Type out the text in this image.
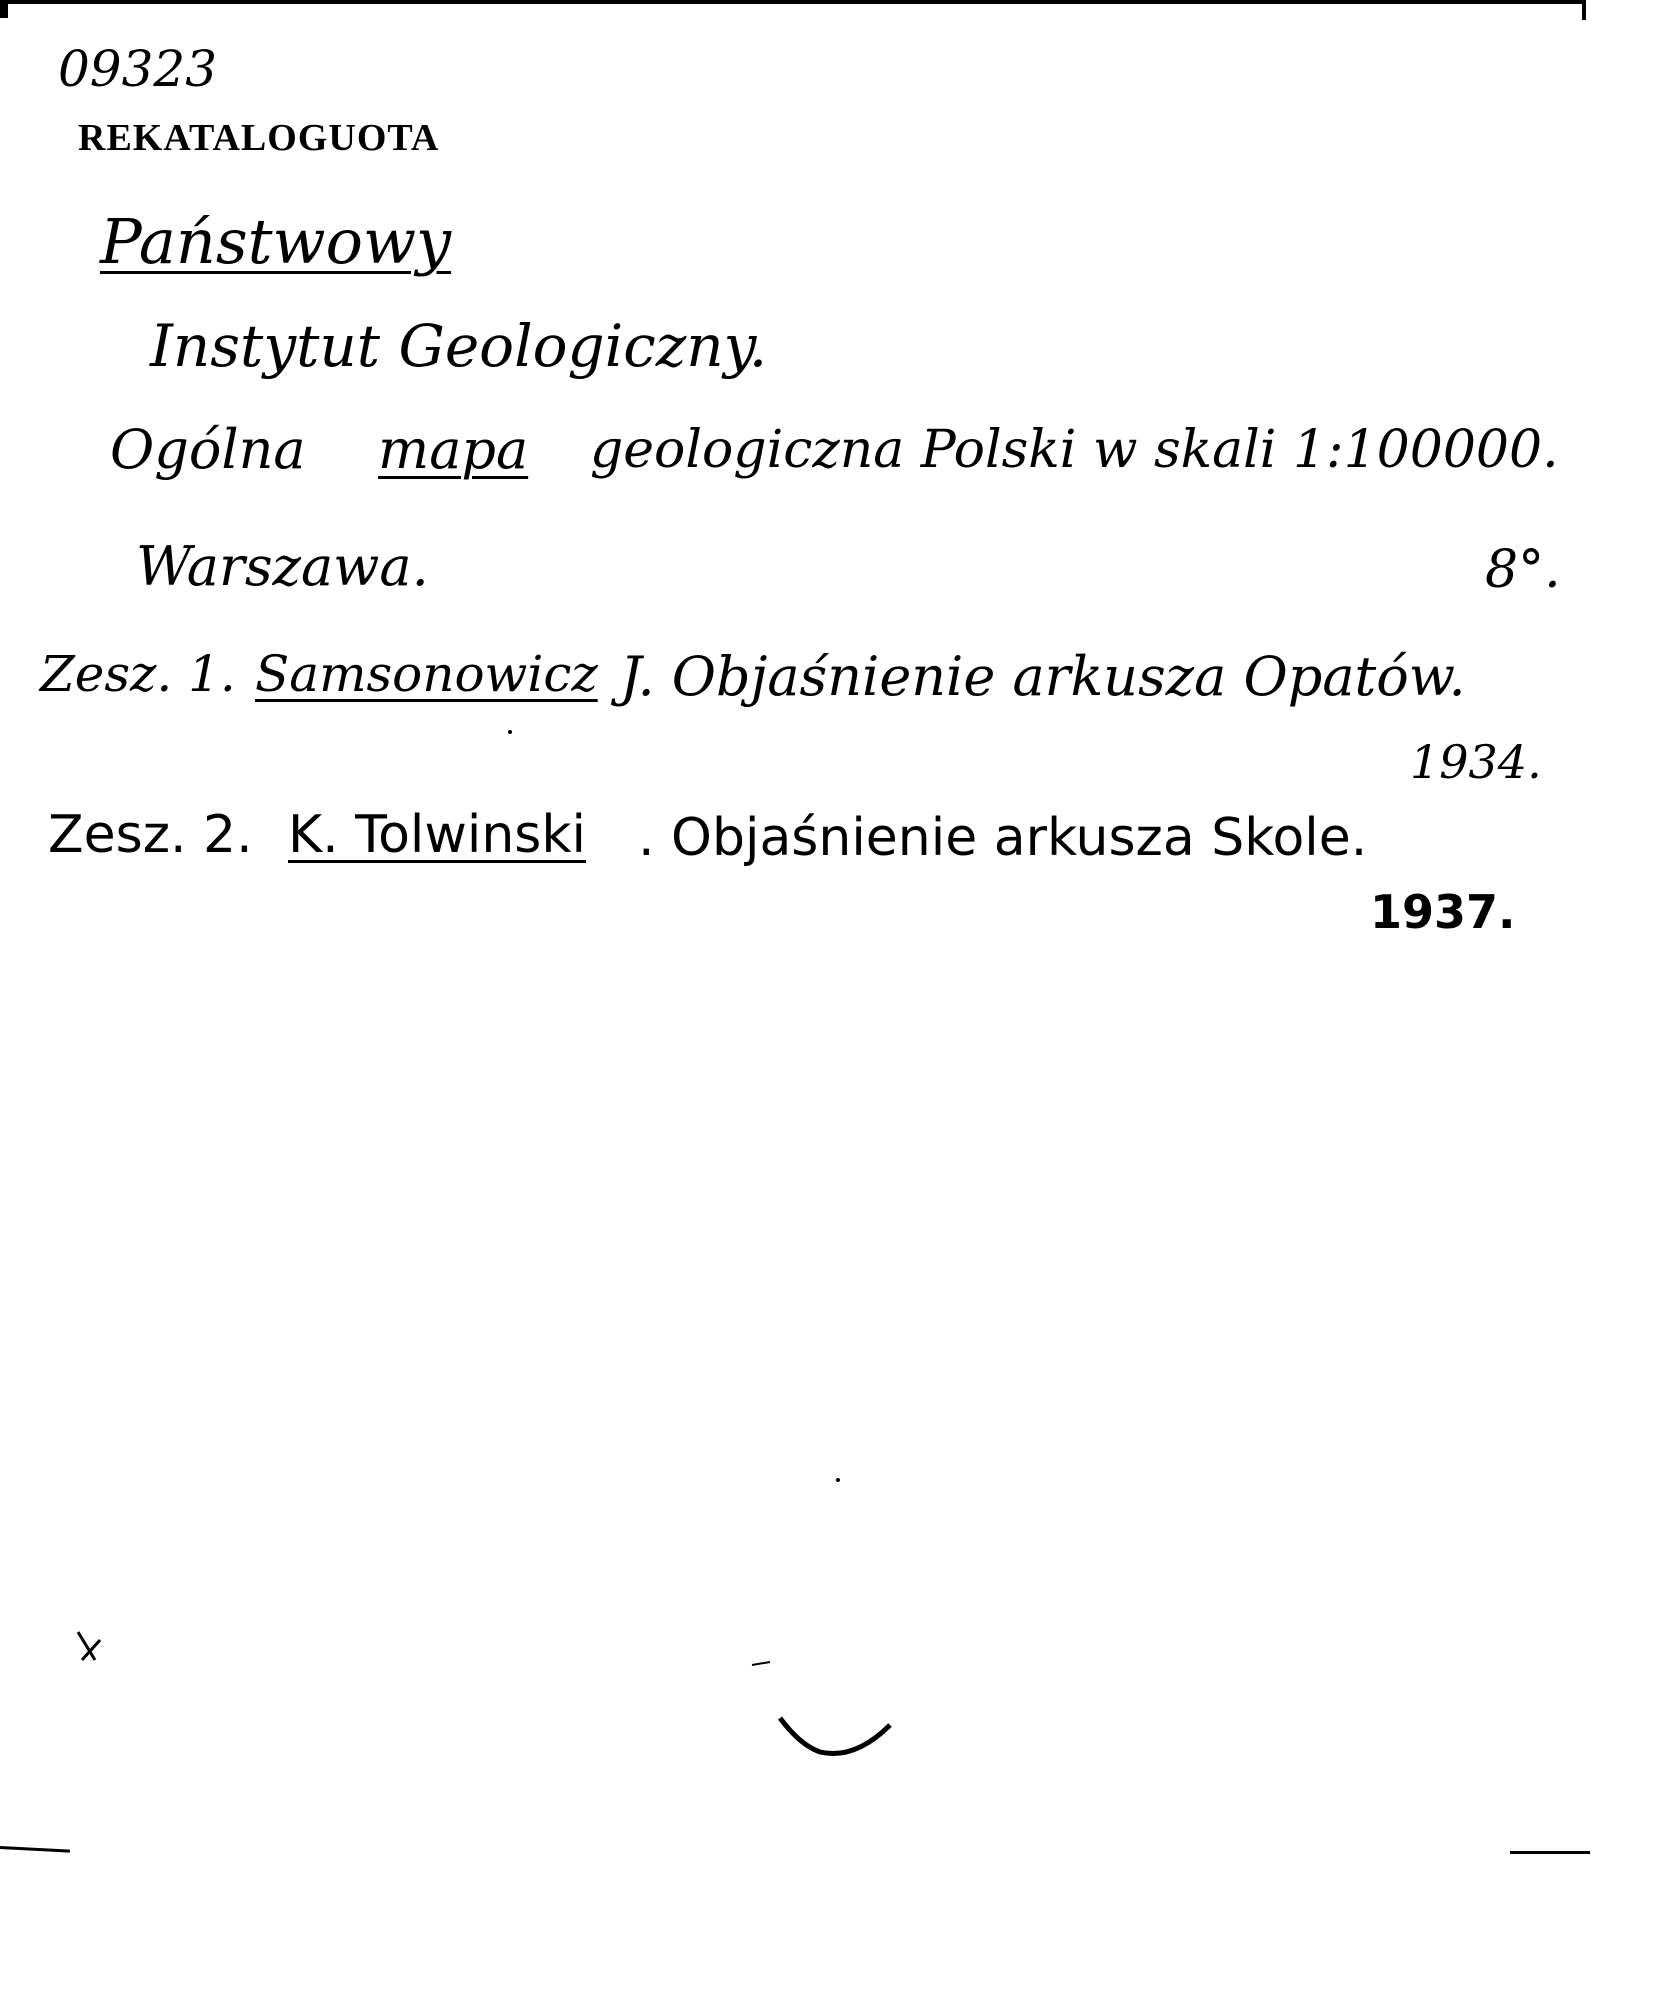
09323
REKATALOGUOTA
Państwowy
Instytut Geologiczny.
Ogólna mapa geologiczna Polski w skali 1:100000.
Warszawa.	8°.
Zesz. 1. Samsonowicz J. Objaśnienie arkusza Opatów.
1934.
Zesz. 2. K. Tolwinski . Objaśnienie arkusza Skole.
1937.
